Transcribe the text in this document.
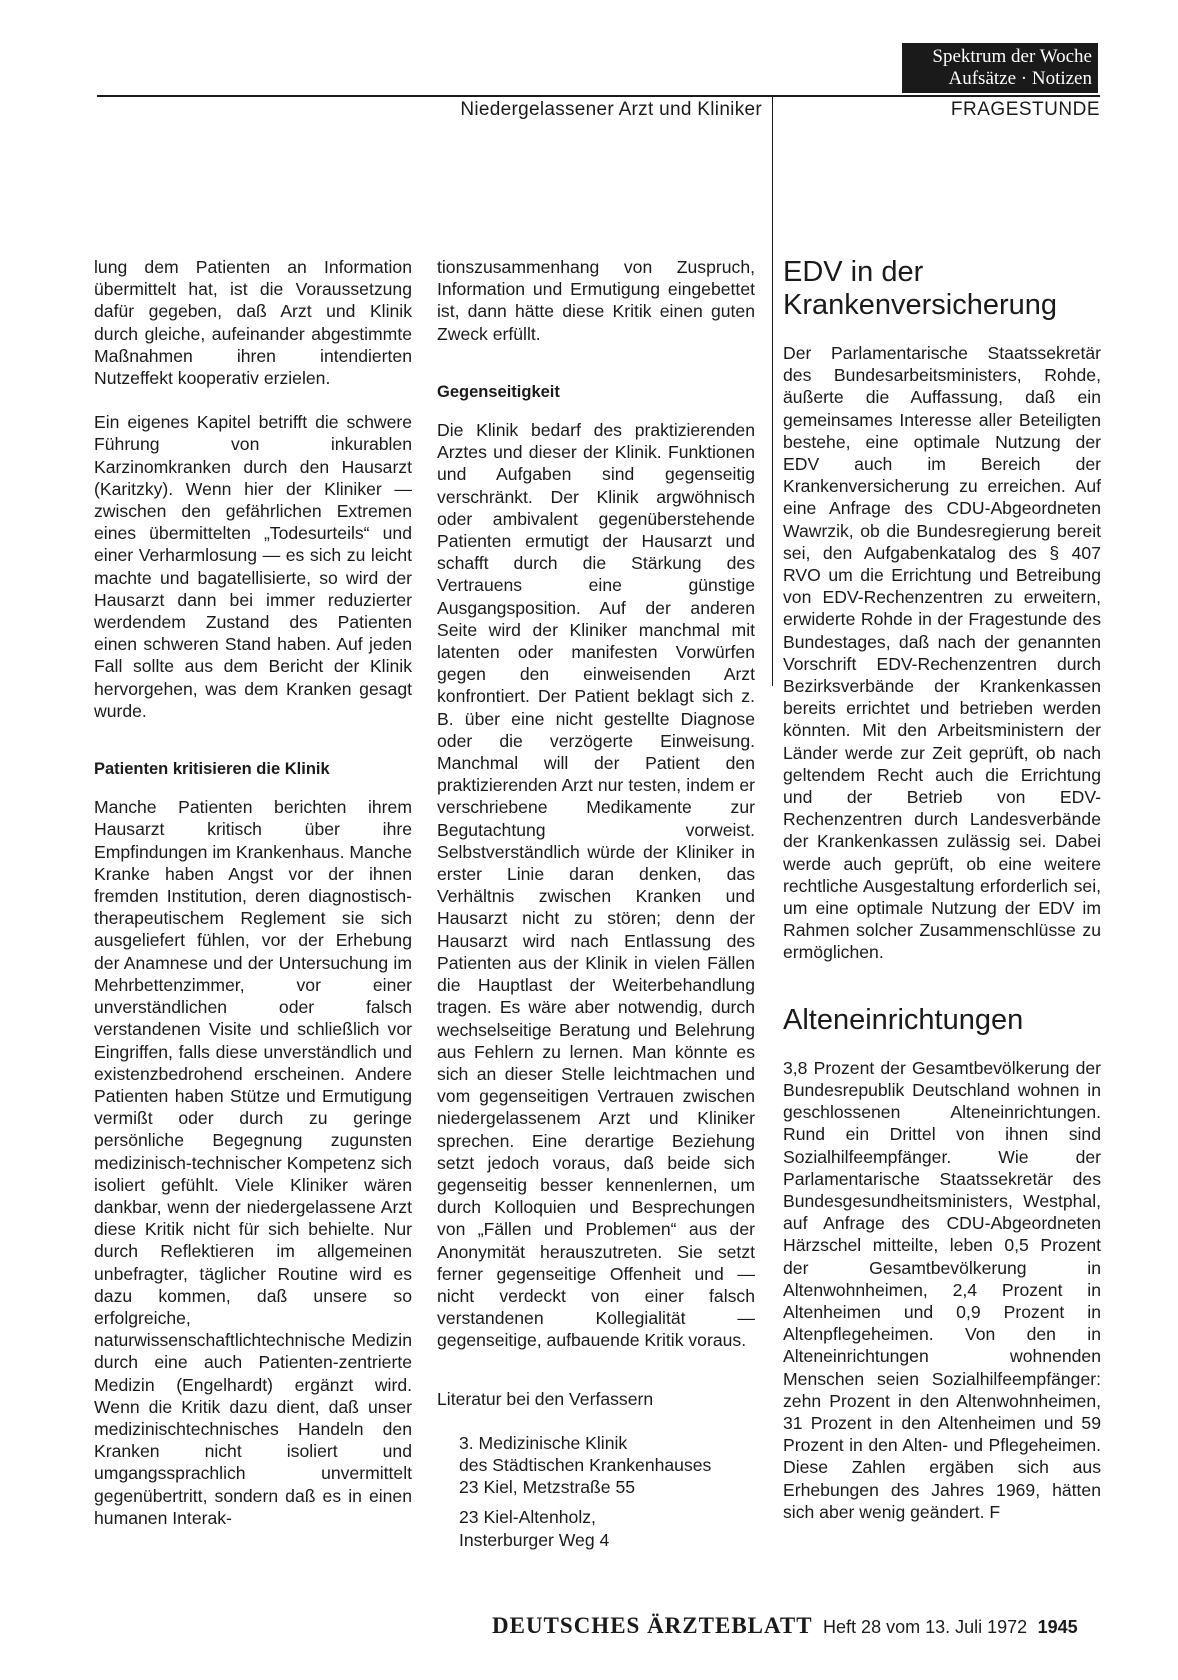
Spektrum der Woche
Aufsätze · Notizen
Niedergelassener Arzt und Kliniker	FRAGESTUNDE

lung dem Patienten an Information übermittelt hat, ist die Voraussetzung dafür gegeben, daß Arzt und Klinik durch gleiche, aufeinander abgestimmte Maßnahmen ihren intendierten Nutzeffekt kooperativ erzielen.

Ein eigenes Kapitel betrifft die schwere Führung von inkurablen Karzinomkranken durch den Hausarzt (Karitzky). Wenn hier der Kliniker — zwischen den gefährlichen Extremen eines übermittelten „Todesurteils“ und einer Verharmlosung — es sich zu leicht machte und bagatellisierte, so wird der Hausarzt dann bei immer reduzierter werdendem Zustand des Patienten einen schweren Stand haben. Auf jeden Fall sollte aus dem Bericht der Klinik hervorgehen, was dem Kranken gesagt wurde.

Patienten kritisieren die Klinik

Manche Patienten berichten ihrem Hausarzt kritisch über ihre Empfindungen im Krankenhaus. Manche Kranke haben Angst vor der ihnen fremden Institution, deren diagnostisch-therapeutischem Reglement sie sich ausgeliefert fühlen, vor der Erhebung der Anamnese und der Untersuchung im Mehrbettenzimmer, vor einer unverständlichen oder falsch verstandenen Visite und schließlich vor Eingriffen, falls diese unverständlich und existenzbedrohend erscheinen. Andere Patienten haben Stütze und Ermutigung vermißt oder durch zu geringe persönliche Begegnung zugunsten medizinisch-technischer Kompetenz sich isoliert gefühlt. Viele Kliniker wären dankbar, wenn der niedergelassene Arzt diese Kritik nicht für sich behielte. Nur durch Reflektieren im allgemeinen unbefragter, täglicher Routine wird es dazu kommen, daß unsere so erfolgreiche, naturwissenschaftlichtechnische Medizin durch eine auch Patienten-zentrierte Medizin (Engelhardt) ergänzt wird. Wenn die Kritik dazu dient, daß unser medizinischtechnisches Handeln den Kranken nicht isoliert und umgangssprachlich unvermittelt gegenübertritt, sondern daß es in einen humanen Interak-

tionszusammenhang von Zuspruch, Information und Ermutigung eingebettet ist, dann hätte diese Kritik einen guten Zweck erfüllt.

Gegenseitigkeit

Die Klinik bedarf des praktizierenden Arztes und dieser der Klinik. Funktionen und Aufgaben sind gegenseitig verschränkt. Der Klinik argwöhnisch oder ambivalent gegenüberstehende Patienten ermutigt der Hausarzt und schafft durch die Stärkung des Vertrauens eine günstige Ausgangsposition. Auf der anderen Seite wird der Kliniker manchmal mit latenten oder manifesten Vorwürfen gegen den einweisenden Arzt konfrontiert. Der Patient beklagt sich z. B. über eine nicht gestellte Diagnose oder die verzögerte Einweisung. Manchmal will der Patient den praktizierenden Arzt nur testen, indem er verschriebene Medikamente zur Begutachtung vorweist. Selbstverständlich würde der Kliniker in erster Linie daran denken, das Verhältnis zwischen Kranken und Hausarzt nicht zu stören; denn der Hausarzt wird nach Entlassung des Patienten aus der Klinik in vielen Fällen die Hauptlast der Weiterbehandlung tragen. Es wäre aber notwendig, durch wechselseitige Beratung und Belehrung aus Fehlern zu lernen. Man könnte es sich an dieser Stelle leichtmachen und vom gegenseitigen Vertrauen zwischen niedergelassenem Arzt und Kliniker sprechen. Eine derartige Beziehung setzt jedoch voraus, daß beide sich gegenseitig besser kennenlernen, um durch Kolloquien und Besprechungen von „Fällen und Problemen“ aus der Anonymität herauszutreten. Sie setzt ferner gegenseitige Offenheit und — nicht verdeckt von einer falsch verstandenen Kollegialität — gegenseitige, aufbauende Kritik voraus.

Literatur bei den Verfassern

3. Medizinische Klinik
des Städtischen Krankenhauses
23 Kiel, Metzstraße 55
23 Kiel-Altenholz,
Insterburger Weg 4

EDV in der Krankenversicherung

Der Parlamentarische Staatssekretär des Bundesarbeitsministers, Rohde, äußerte die Auffassung, daß ein gemeinsames Interesse aller Beteiligten bestehe, eine optimale Nutzung der EDV auch im Bereich der Krankenversicherung zu erreichen. Auf eine Anfrage des CDU-Abgeordneten Wawrzik, ob die Bundesregierung bereit sei, den Aufgabenkatalog des § 407 RVO um die Errichtung und Betreibung von EDV-Rechenzentren zu erweitern, erwiderte Rohde in der Fragestunde des Bundestages, daß nach der genannten Vorschrift EDV-Rechenzentren durch Bezirksverbände der Krankenkassen bereits errichtet und betrieben werden könnten. Mit den Arbeitsministern der Länder werde zur Zeit geprüft, ob nach geltendem Recht auch die Errichtung und der Betrieb von EDV-Rechenzentren durch Landesverbände der Krankenkassen zulässig sei. Dabei werde auch geprüft, ob eine weitere rechtliche Ausgestaltung erforderlich sei, um eine optimale Nutzung der EDV im Rahmen solcher Zusammenschlüsse zu ermöglichen.

Alteneinrichtungen

3,8 Prozent der Gesamtbevölkerung der Bundesrepublik Deutschland wohnen in geschlossenen Alteneinrichtungen. Rund ein Drittel von ihnen sind Sozialhilfeempfänger. Wie der Parlamentarische Staatssekretär des Bundesgesundheitsministers, Westphal, auf Anfrage des CDU-Abgeordneten Härzschel mitteilte, leben 0,5 Prozent der Gesamtbevölkerung in Altenwohnheimen, 2,4 Prozent in Altenheimen und 0,9 Prozent in Altenpflegeheimen. Von den in Alteneinrichtungen wohnenden Menschen seien Sozialhilfeempfänger: zehn Prozent in den Altenwohnheimen, 31 Prozent in den Altenheimen und 59 Prozent in den Alten- und Pflegeheimen. Diese Zahlen ergäben sich aus Erhebungen des Jahres 1969, hätten sich aber wenig geändert. F

DEUTSCHES ÄRZTEBLATT Heft 28 vom 13. Juli 1972 1945
